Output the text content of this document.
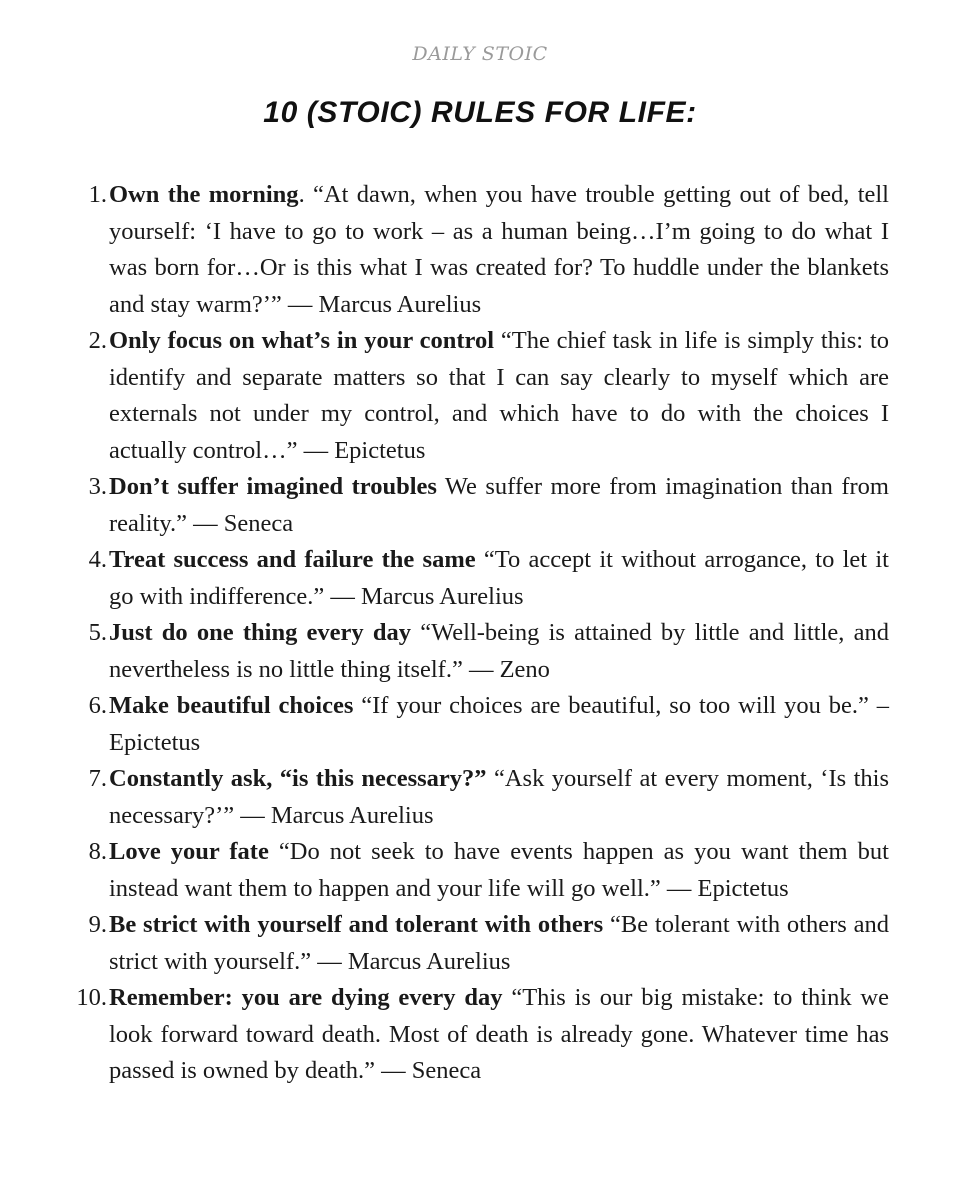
DAILY STOIC
10 (STOIC) RULES FOR LIFE:
1. Own the morning. “At dawn, when you have trouble getting out of bed, tell yourself: ‘I have to go to work – as a human being…I’m going to do what I was born for…Or is this what I was created for? To huddle under the blankets and stay warm?’” — Marcus Aurelius
2. Only focus on what’s in your control “The chief task in life is simply this: to identify and separate matters so that I can say clearly to myself which are externals not under my control, and which have to do with the choices I actually control…” — Epictetus
3. Don’t suffer imagined troubles We suffer more from imagination than from reality.” — Seneca
4. Treat success and failure the same “To accept it without arrogance, to let it go with indifference.” — Marcus Aurelius
5. Just do one thing every day “Well-being is attained by little and little, and nevertheless is no little thing itself.” — Zeno
6. Make beautiful choices “If your choices are beautiful, so too will you be.” –Epictetus
7. Constantly ask, “is this necessary?” “Ask yourself at every moment, ‘Is this necessary?’” — Marcus Aurelius
8. Love your fate “Do not seek to have events happen as you want them but instead want them to happen and your life will go well.” — Epictetus
9. Be strict with yourself and tolerant with others “Be tolerant with others and strict with yourself.” — Marcus Aurelius
10. Remember: you are dying every day “This is our big mistake: to think we look forward toward death. Most of death is already gone. Whatever time has passed is owned by death.” — Seneca
